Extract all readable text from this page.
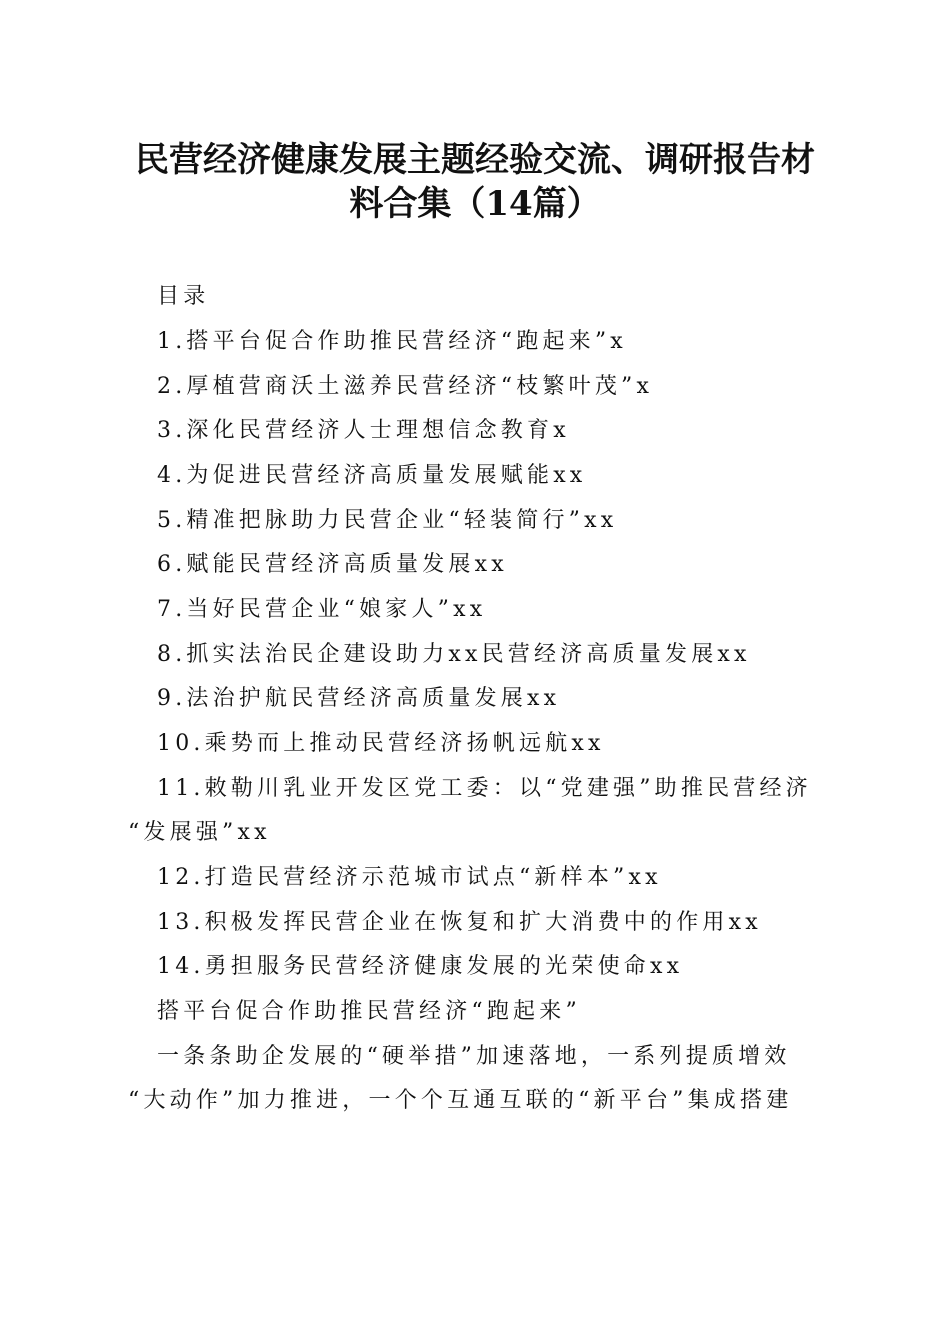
民营经济健康发展主题经验交流、调研报告材
料合集（14篇）
目录
1.搭平台促合作助推民营经济“跑起来”x
2.厚植营商沃土滋养民营经济“枝繁叶茂”x
3.深化民营经济人士理想信念教育x
4.为促进民营经济高质量发展赋能xx
5.精准把脉助力民营企业“轻装简行”xx
6.赋能民营经济高质量发展xx
7.当好民营企业“娘家人”xx
8.抓实法治民企建设助力xx民营经济高质量发展xx
9.法治护航民营经济高质量发展xx
10.乘势而上推动民营经济扬帆远航xx
11.敕勒川乳业开发区党工委：以“党建强”助推民营经济
“发展强”xx
12.打造民营经济示范城市试点“新样本”xx
13.积极发挥民营企业在恢复和扩大消费中的作用xx
14.勇担服务民营经济健康发展的光荣使命xx
搭平台促合作助推民营经济“跑起来”
一条条助企发展的“硬举措”加速落地，一系列提质增效
“大动作”加力推进，一个个互通互联的“新平台”集成搭建
